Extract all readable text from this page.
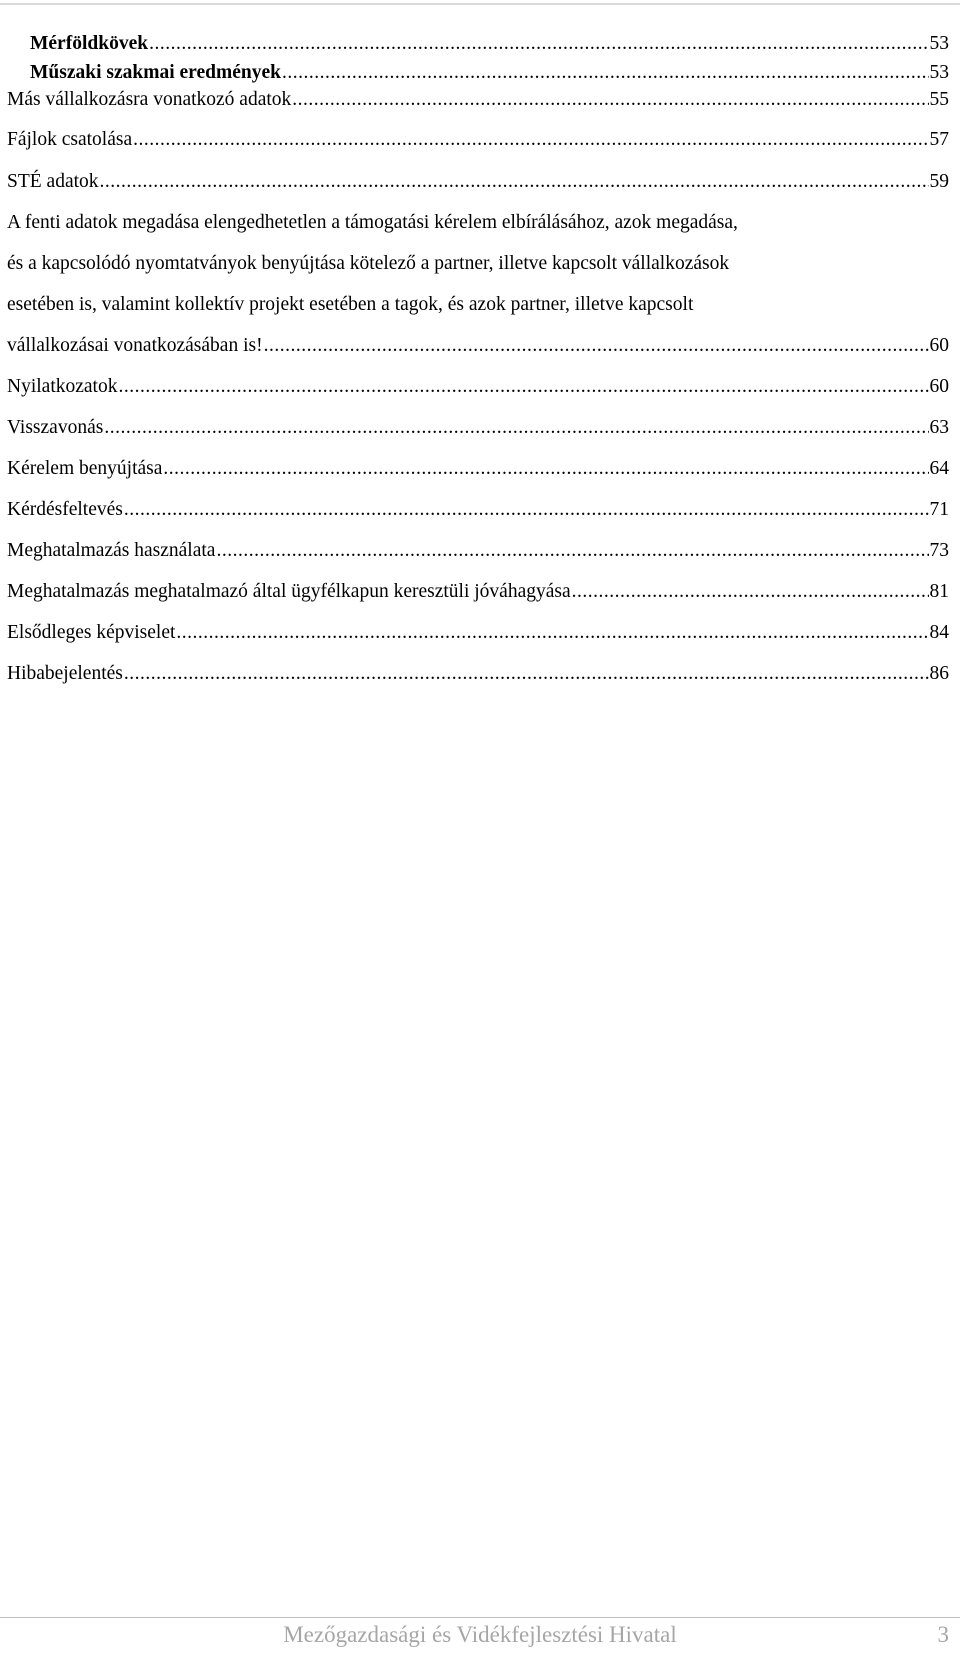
Mérföldkövek .....	53
Műszaki szakmai eredmények .....	53
Más vállalkozásra vonatkozó adatok .....	55
Fájlok csatolása .....	57
STÉ adatok .....	59
A fenti adatok megadása elengedhetetlen a támogatási kérelem elbírálásához, azok megadása,
és a kapcsolódó nyomtatványok benyújtása kötelező a partner, illetve kapcsolt vállalkozások
esetében is, valamint kollektív projekt esetében a tagok, és azok partner, illetve kapcsolt
vállalkozásai vonatkozásában is! .....	60
Nyilatkozatok .....	60
Visszavonás .....	63
Kérelem benyújtása .....	64
Kérdésfeltevés .....	71
Meghatalmazás használata .....	73
Meghatalmazás meghatalmazó által ügyfélkapun keresztüli jóváhagyása .....	81
Elsődleges képviselet .....	84
Hibabejelentés .....	86
Mezőgazdasági és Vidékfejlesztési Hivatal	3
